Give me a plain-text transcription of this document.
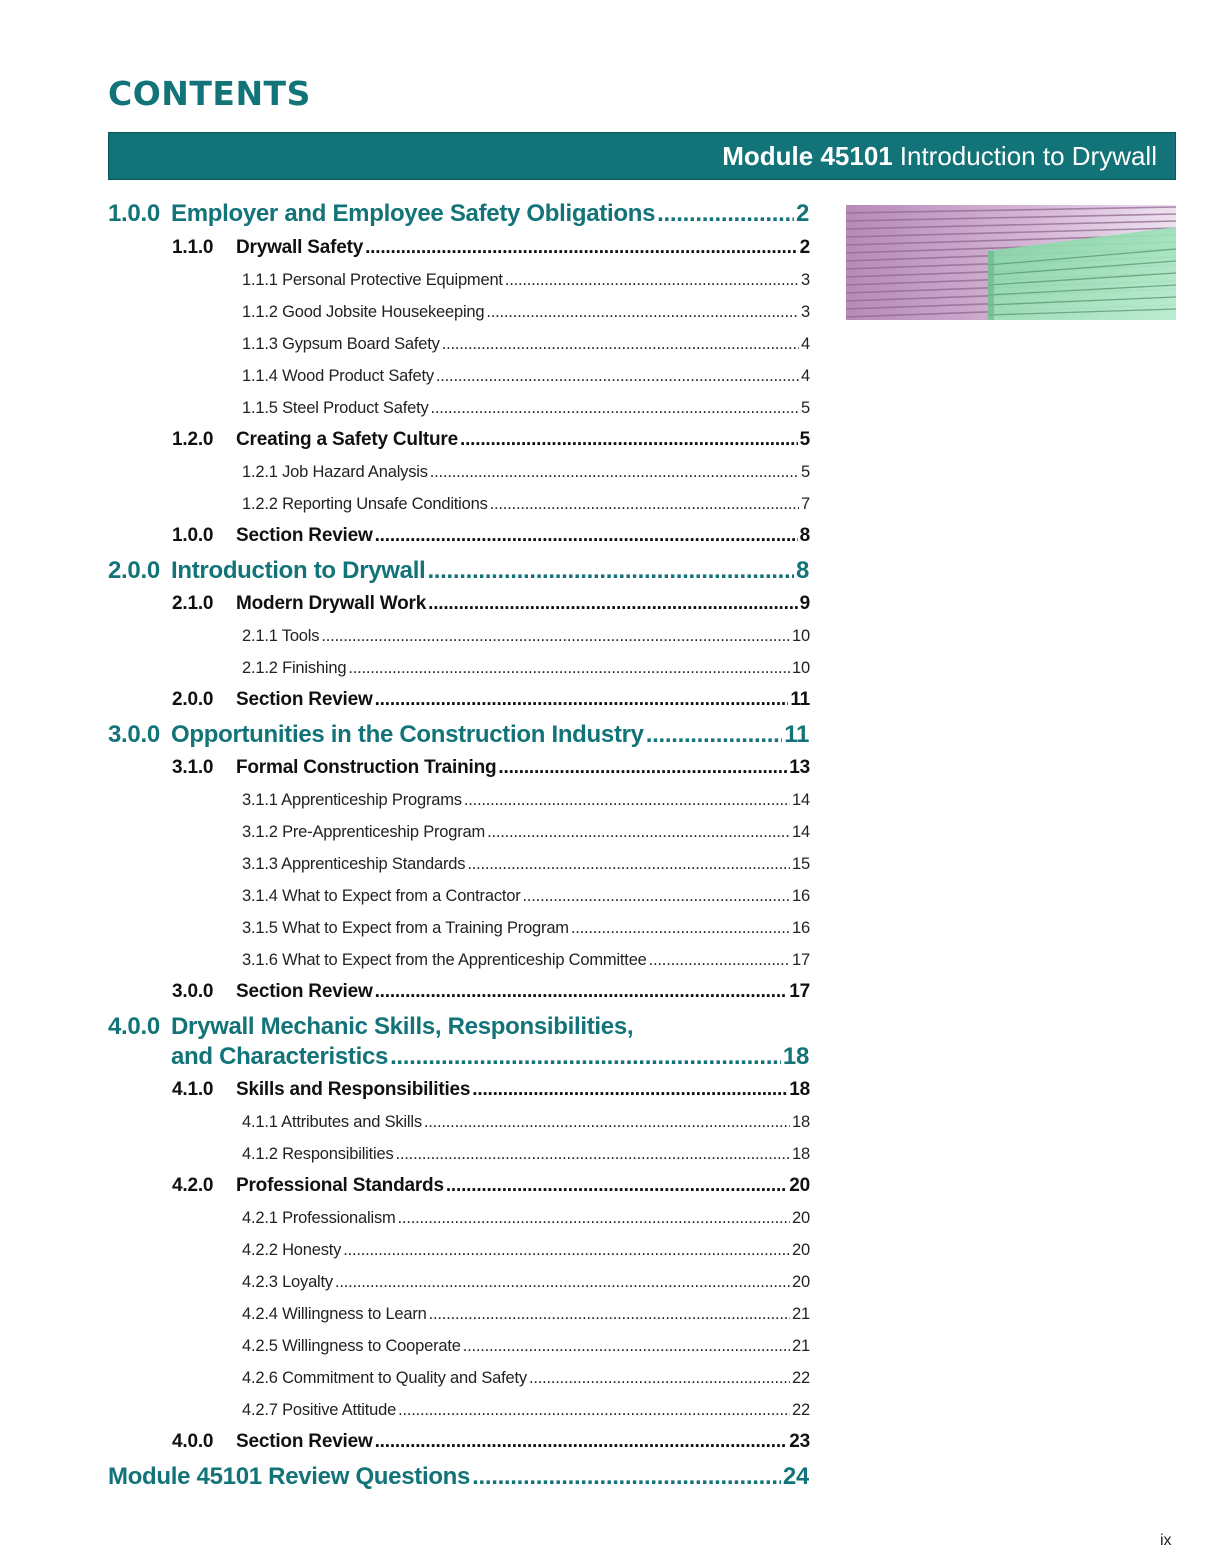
CONTENTS
Module 45101 Introduction to Drywall
1.0.0 Employer and Employee Safety Obligations .....	2
1.1.0 Drywall Safety .....	2
1.1.1 Personal Protective Equipment .....	3
1.1.2 Good Jobsite Housekeeping .....	3
1.1.3 Gypsum Board Safety .....	4
1.1.4 Wood Product Safety .....	4
1.1.5 Steel Product Safety .....	5
1.2.0 Creating a Safety Culture .....	5
1.2.1 Job Hazard Analysis .....	5
1.2.2 Reporting Unsafe Conditions .....	7
1.0.0 Section Review .....	8
2.0.0 Introduction to Drywall .....	8
2.1.0 Modern Drywall Work .....	9
2.1.1 Tools .....	10
2.1.2 Finishing .....	10
2.0.0 Section Review .....	11
3.0.0 Opportunities in the Construction Industry .....	11
3.1.0 Formal Construction Training .....	13
3.1.1 Apprenticeship Programs .....	14
3.1.2 Pre-Apprenticeship Program .....	14
3.1.3 Apprenticeship Standards .....	15
3.1.4 What to Expect from a Contractor .....	16
3.1.5 What to Expect from a Training Program .....	16
3.1.6 What to Expect from the Apprenticeship Committee .....	17
3.0.0 Section Review .....	17
4.0.0 Drywall Mechanic Skills, Responsibilities,
and Characteristics .....	18
4.1.0 Skills and Responsibilities .....	18
4.1.1 Attributes and Skills .....	18
4.1.2 Responsibilities .....	18
4.2.0 Professional Standards .....	20
4.2.1 Professionalism .....	20
4.2.2 Honesty .....	20
4.2.3 Loyalty .....	20
4.2.4 Willingness to Learn .....	21
4.2.5 Willingness to Cooperate .....	21
4.2.6 Commitment to Quality and Safety .....	22
4.2.7 Positive Attitude .....	22
4.0.0 Section Review .....	23
Module 45101 Review Questions .....	24
ix
